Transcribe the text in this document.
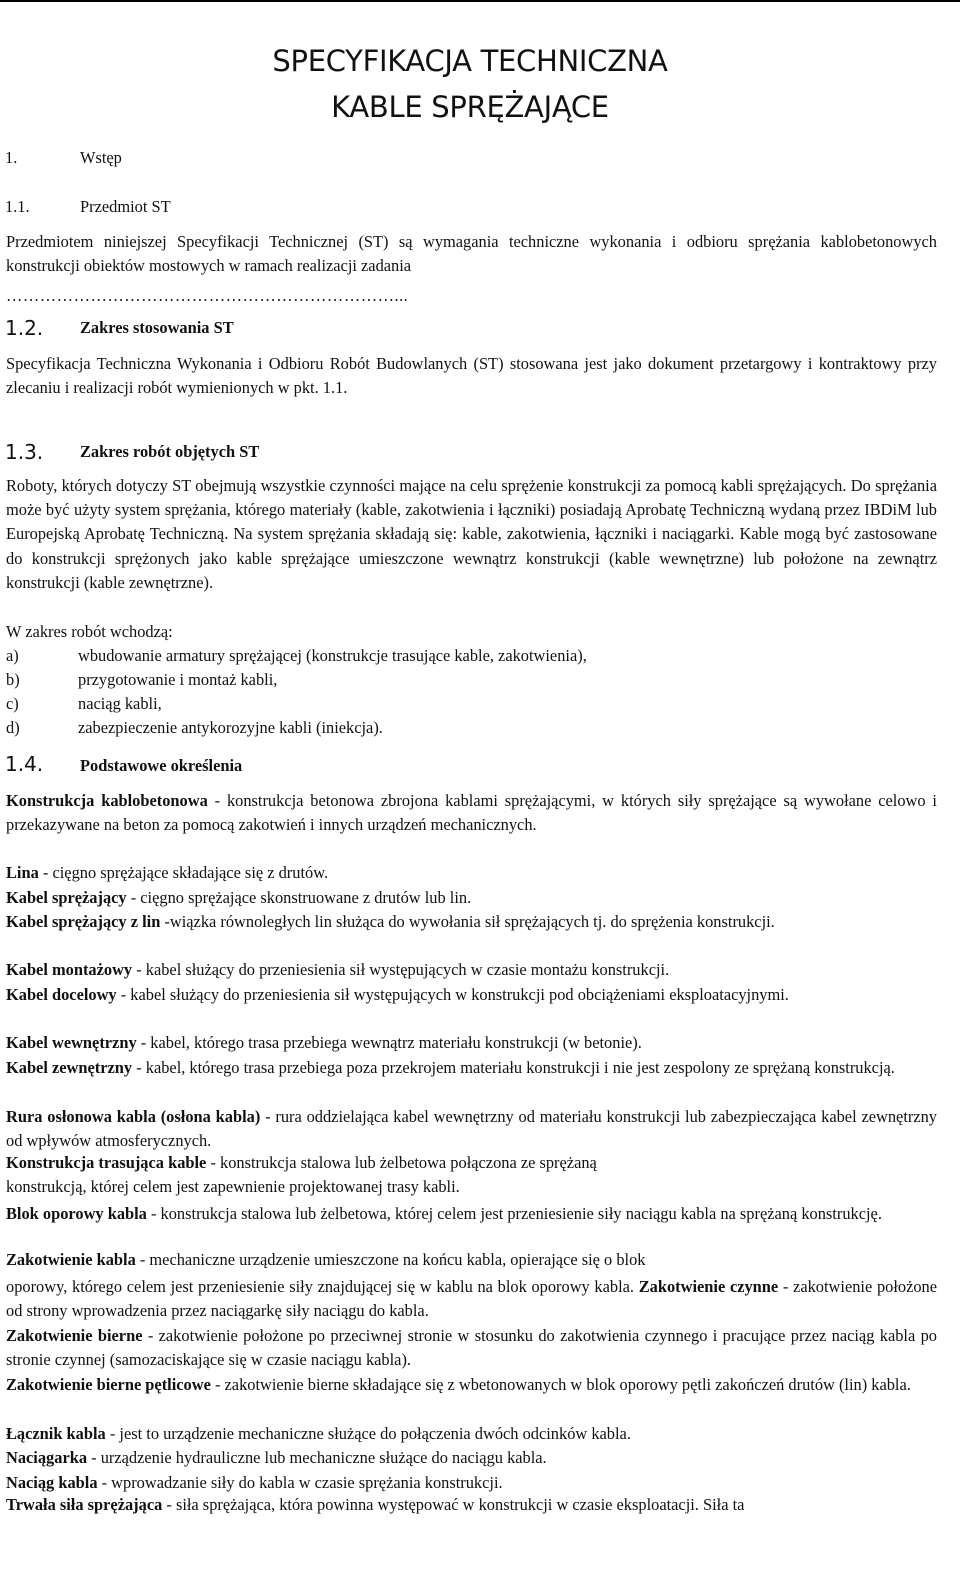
SPECYFIKACJA TECHNICZNA
KABLE SPRĘŻAJĄCE
1.	Wstęp
1.1.	Przedmiot ST

Przedmiotem niniejszej Specyfikacji Technicznej (ST) są wymagania techniczne wykonania i odbioru sprężania kablobetonowych konstrukcji obiektów mostowych w ramach realizacji zadania

……………………………………………………………...
1.2. Zakres stosowania ST

Specyfikacja Techniczna Wykonania i Odbioru Robót Budowlanych (ST) stosowana jest jako dokument przetargowy i kontraktowy przy zlecaniu i realizacji robót wymienionych w pkt. 1.1.

1.3. Zakres robót objętych ST

Roboty, których dotyczy ST obejmują wszystkie czynności mające na celu sprężenie konstrukcji za pomocą kabli sprężających. Do sprężania może być użyty system sprężania, którego materiały (kable, zakotwienia i łączniki) posiadają Aprobatę Techniczną wydaną przez IBDiM lub Europejską Aprobatę Techniczną. Na system sprężania składają się: kable, zakotwienia, łączniki i naciągarki. Kable mogą być zastosowane do konstrukcji sprężonych jako kable sprężające umieszczone wewnątrz konstrukcji (kable wewnętrzne) lub położone na zewnątrz konstrukcji (kable zewnętrzne).

W zakres robót wchodzą:
a)	wbudowanie armatury sprężającej (konstrukcje trasujące kable, zakotwienia),
b)	przygotowanie i montaż kabli,
c)	naciąg kabli,
d)	zabezpieczenie antykorozyjne kabli (iniekcja).
1.4. Podstawowe określenia

Konstrukcja kablobetonowa - konstrukcja betonowa zbrojona kablami sprężającymi, w których siły sprężające są wywołane celowo i przekazywane na beton za pomocą zakotwień i innych urządzeń mechanicznych.

Lina - cięgno sprężające składające się z drutów.

Kabel sprężający - cięgno sprężające skonstruowane z drutów lub lin.

Kabel sprężający z lin -wiązka równoległych lin służąca do wywołania sił sprężających tj. do sprężenia konstrukcji.

Kabel montażowy - kabel służący do przeniesienia sił występujących w czasie montażu konstrukcji.

Kabel docelowy - kabel służący do przeniesienia sił występujących w konstrukcji pod obciążeniami eksploatacyjnymi.

Kabel wewnętrzny - kabel, którego trasa przebiega wewnątrz materiału konstrukcji (w betonie).

Kabel zewnętrzny - kabel, którego trasa przebiega poza przekrojem materiału konstrukcji i nie jest zespolony ze sprężaną konstrukcją.

Rura osłonowa kabla (osłona kabla) - rura oddzielająca kabel wewnętrzny od materiału konstrukcji lub zabezpieczająca kabel zewnętrzny od wpływów atmosferycznych.

Konstrukcja trasująca kable - konstrukcja stalowa lub żelbetowa połączona ze sprężaną
konstrukcją, której celem jest zapewnienie projektowanej trasy kabli.

Blok oporowy kabla - konstrukcja stalowa lub żelbetowa, której celem jest przeniesienie siły naciągu kabla na sprężaną konstrukcję.

Zakotwienie kabla - mechaniczne urządzenie umieszczone na końcu kabla, opierające się o blok

oporowy, którego celem jest przeniesienie siły znajdującej się w kablu na blok oporowy kabla. Zakotwienie czynne - zakotwienie położone od strony wprowadzenia przez naciągarkę siły naciągu do kabla.

Zakotwienie bierne - zakotwienie położone po przeciwnej stronie w stosunku do zakotwienia czynnego i pracujące przez naciąg kabla po stronie czynnej (samozaciskające się w czasie naciągu kabla).

Zakotwienie bierne pętlicowe - zakotwienie bierne składające się z wbetonowanych w blok oporowy pętli zakończeń drutów (lin) kabla.

Łącznik kabla - jest to urządzenie mechaniczne służące do połączenia dwóch odcinków kabla.

Naciągarka - urządzenie hydrauliczne lub mechaniczne służące do naciągu kabla.

Naciąg kabla - wprowadzanie siły do kabla w czasie sprężania konstrukcji.

Trwała siła sprężająca - siła sprężająca, która powinna występować w konstrukcji w czasie eksploatacji. Siła ta
